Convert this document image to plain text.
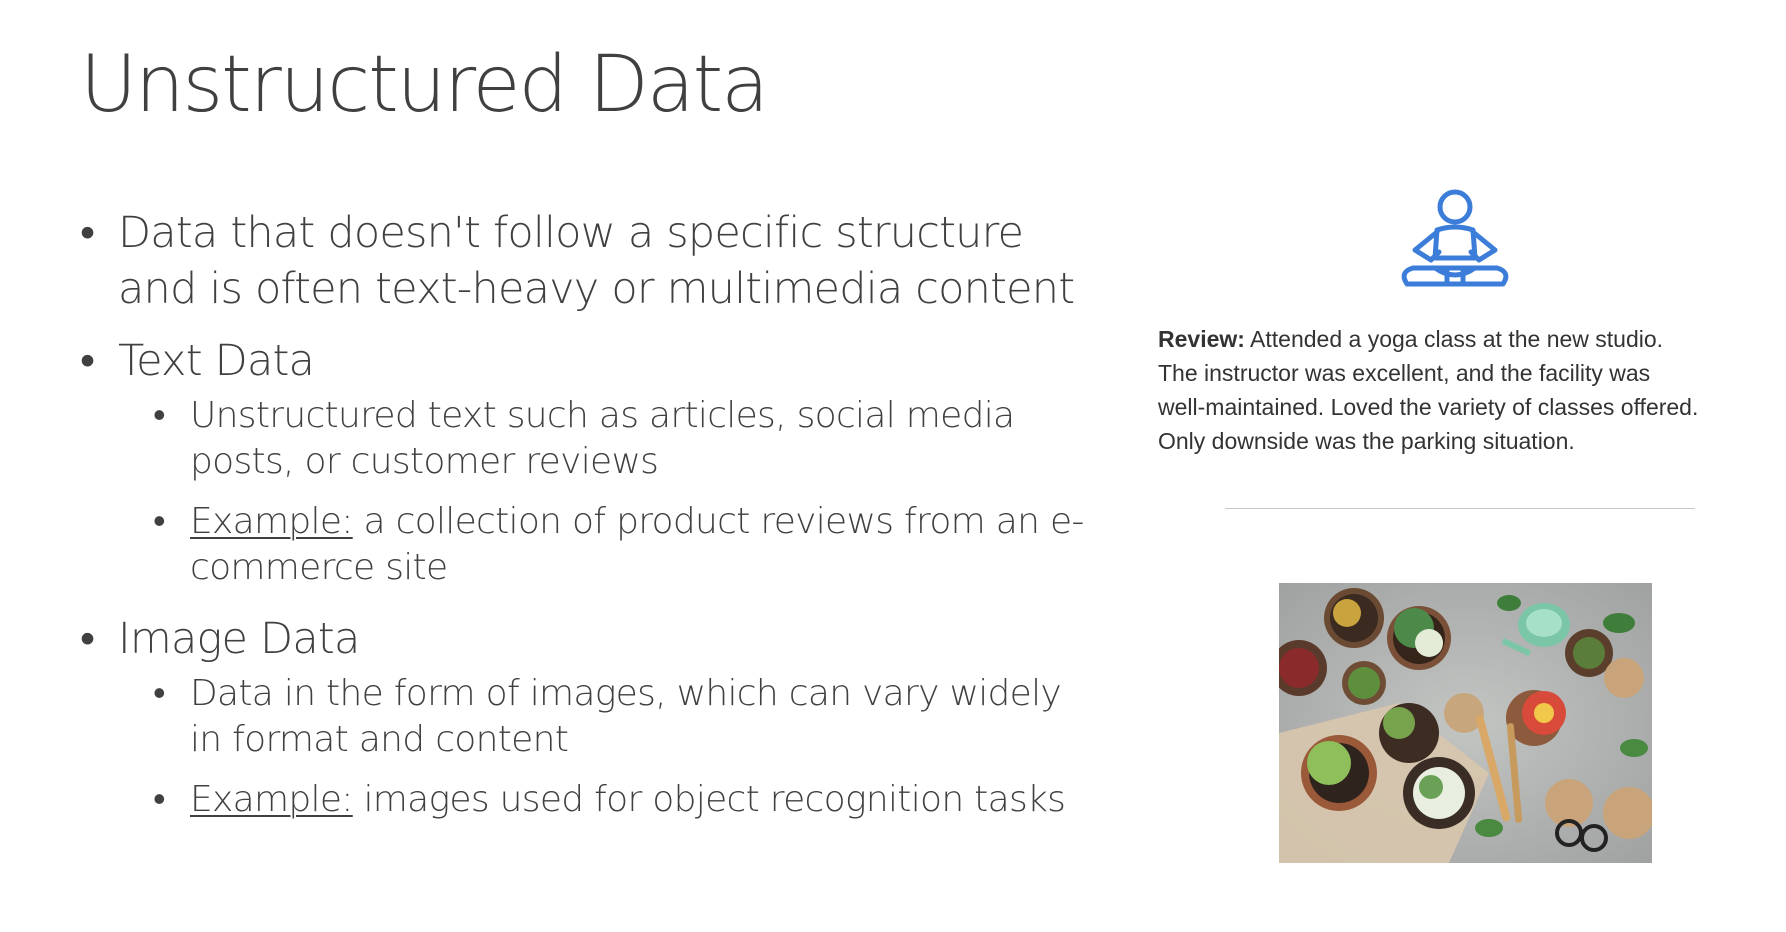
Unstructured Data
• Data that doesn't follow a specific structure
and is often text-heavy or multimedia content
• Text Data
• Unstructured text such as articles, social media
posts, or customer reviews
• Example: a collection of product reviews from an e-
commerce site
• Image Data
• Data in the form of images, which can vary widely
in format and content
• Example: images used for object recognition tasks
Review: Attended a yoga class at the new studio.
The instructor was excellent, and the facility was
well-maintained. Loved the variety of classes offered.
Only downside was the parking situation.
